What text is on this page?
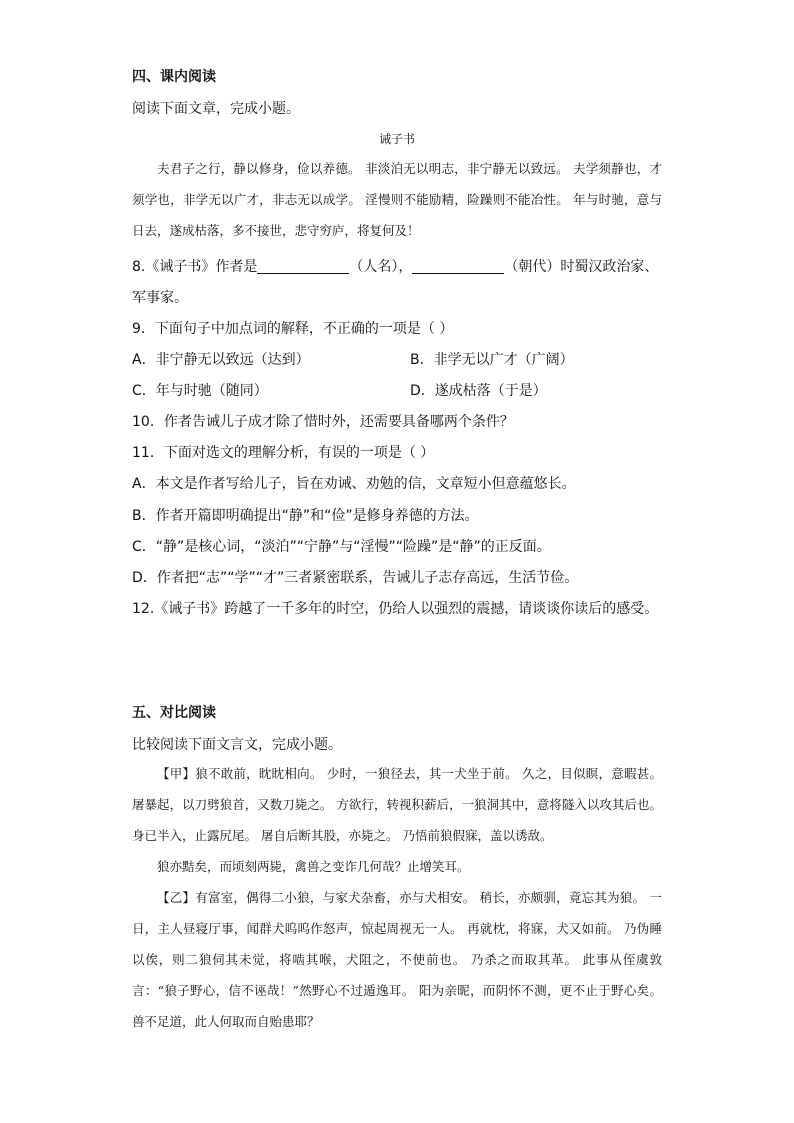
四、课内阅读
阅读下面文章，完成小题。
诫子书

夫君子之行，静以修身，俭以养德。 非淡泊无以明志，非宁静无以致远。 夫学须静也，才须学也，非学无以广才，非志无以成学。 淫慢则不能励精，险躁则不能冶性。 年与时驰，意与日去，遂成枯落，多不接世，悲守穷庐，将复何及！

8.《诫子书》作者是	（人名），	（朝代）时蜀汉政治家、
军事家。
9．下面句子中加点词的解释，不正确的一项是（ ）
A．非宁静无以致远（达到）	B．非学无以广才（广阔）
C．年与时驰（随同）	D．遂成枯落（于是）
10．作者告诫儿子成才除了惜时外，还需要具备哪两个条件？
11．下面对选文的理解分析，有误的一项是（ ）
A．本文是作者写给儿子，旨在劝诫、劝勉的信，文章短小但意蕴悠长。
B．作者开篇即明确提出“静”和“俭”是修身养德的方法。
C．“静”是核心词，“淡泊”“宁静”与“淫慢”“险躁”是“静”的正反面。
D．作者把“志”“学”“才”三者紧密联系，告诫儿子志存高远，生活节俭。
12.《诫子书》跨越了一千多年的时空，仍给人以强烈的震撼，请谈谈你读后的感受。
五、对比阅读
比较阅读下面文言文，完成小题。

【甲】狼不敢前，眈眈相向。 少时，一狼径去，其一犬坐于前。 久之，目似瞑，意暇甚。 屠暴起，以刀劈狼首，又数刀毙之。 方欲行，转视积薪后，一狼洞其中，意将隧入以攻其后也。 身已半入，止露尻尾。 屠自后断其股，亦毙之。 乃悟前狼假寐，盖以诱敌。

狼亦黠矣，而顷刻两毙，禽兽之变诈几何哉？止增笑耳。

【乙】有富室，偶得二小狼，与家犬杂畜，亦与犬相安。 稍长，亦颇驯，竟忘其为狼。 一日，主人昼寝厅事，闻群犬呜呜作怒声，惊起周视无一人。 再就枕，将寐，犬又如前。 乃伪睡以俟，则二狼伺其未觉，将啮其喉，犬阻之，不使前也。 乃杀之而取其革。 此事从侄虞敦言：“狼子野心，信不诬哉！”然野心不过遁逸耳。 阳为亲昵，而阴怀不测，更不止于野心矣。 兽不足道，此人何取而自贻患耶？
